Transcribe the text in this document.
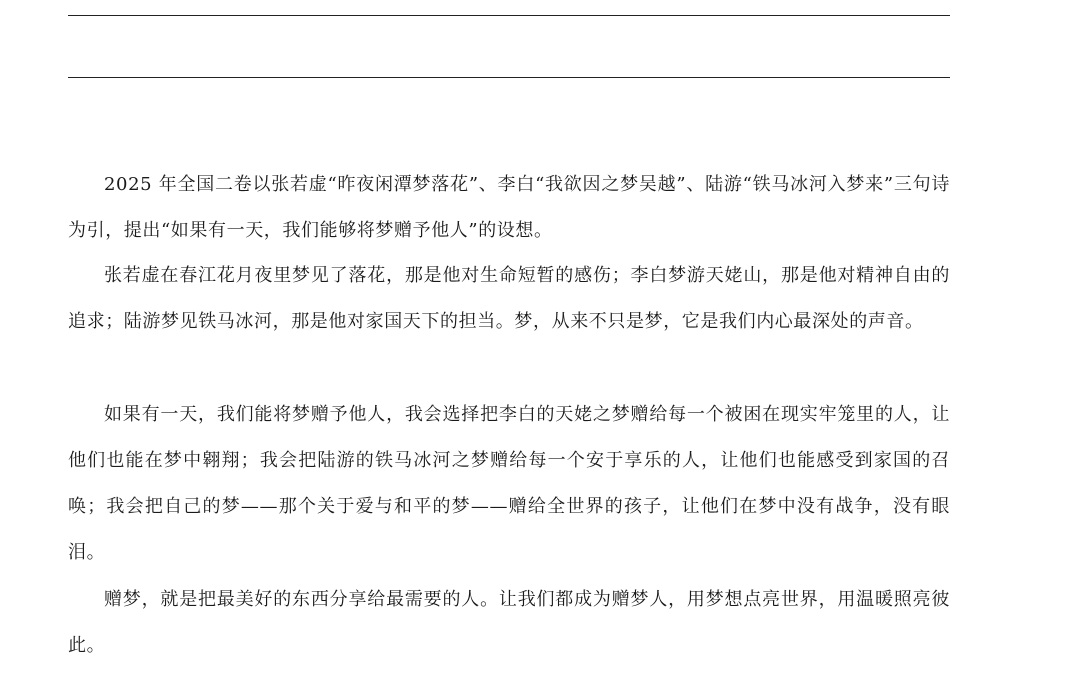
2025 年全国二卷以张若虚“昨夜闲潭梦落花”、李白“我欲因之梦吴越”、陆游“铁马冰河入梦来”三句诗为引，提出“如果有一天，我们能够将梦赠予他人”的设想。

张若虚在春江花月夜里梦见了落花，那是他对生命短暂的感伤；李白梦游天姥山，那是他对精神自由的追求；陆游梦见铁马冰河，那是他对家国天下的担当。梦，从来不只是梦，它是我们内心最深处的声音。

如果有一天，我们能将梦赠予他人，我会选择把李白的天姥之梦赠给每一个被困在现实牢笼里的人，让他们也能在梦中翱翔；我会把陆游的铁马冰河之梦赠给每一个安于享乐的人，让他们也能感受到家国的召唤；我会把自己的梦——那个关于爱与和平的梦——赠给全世界的孩子，让他们在梦中没有战争，没有眼泪。

赠梦，就是把最美好的东西分享给最需要的人。让我们都成为赠梦人，用梦想点亮世界，用温暖照亮彼此。
